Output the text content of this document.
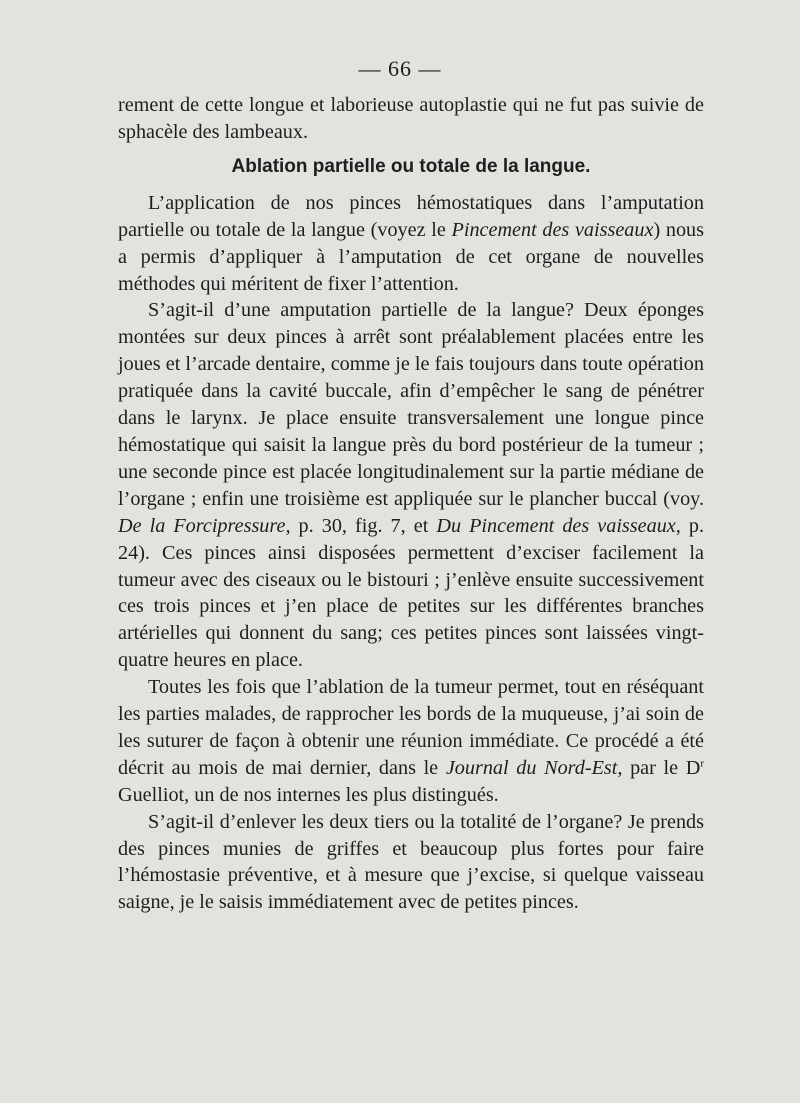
— 66 —

rement de cette longue et laborieuse autoplastie qui ne fut pas suivie de sphacèle des lambeaux.

Ablation partielle ou totale de la langue.

L’application de nos pinces hémostatiques dans l’amputation partielle ou totale de la langue (voyez le Pincement des vaisseaux) nous a permis d’appliquer à l’amputation de cet organe de nouvelles méthodes qui méritent de fixer l’attention.

S’agit-il d’une amputation partielle de la langue? Deux éponges montées sur deux pinces à arrêt sont préalablement placées entre les joues et l’arcade dentaire, comme je le fais toujours dans toute opération pratiquée dans la cavité buccale, afin d’empêcher le sang de pénétrer dans le larynx. Je place ensuite transversalement une longue pince hémostatique qui saisit la langue près du bord postérieur de la tumeur ; une seconde pince est placée longitudinalement sur la partie médiane de l’organe ; enfin une troisième est appliquée sur le plancher buccal (voy. De la Forcipressure, p. 30, fig. 7, et Du Pincement des vaisseaux, p. 24). Ces pinces ainsi disposées permettent d’exciser facilement la tumeur avec des ciseaux ou le bistouri ; j’enlève ensuite successivement ces trois pinces et j’en place de petites sur les différentes branches artérielles qui donnent du sang; ces petites pinces sont laissées vingt-quatre heures en place.

Toutes les fois que l’ablation de la tumeur permet, tout en réséquant les parties malades, de rapprocher les bords de la muqueuse, j’ai soin de les suturer de façon à obtenir une réunion immédiate. Ce procédé a été décrit au mois de mai dernier, dans le Journal du Nord-Est, par le $D^r$ Guelliot, un de nos internes les plus distingués.

S’agit-il d’enlever les deux tiers ou la totalité de l’organe? Je prends des pinces munies de griffes et beaucoup plus fortes pour faire l’hémostasie préventive, et à mesure que j’excise, si quelque vaisseau saigne, je le saisis immédiatement avec de petites pinces.
